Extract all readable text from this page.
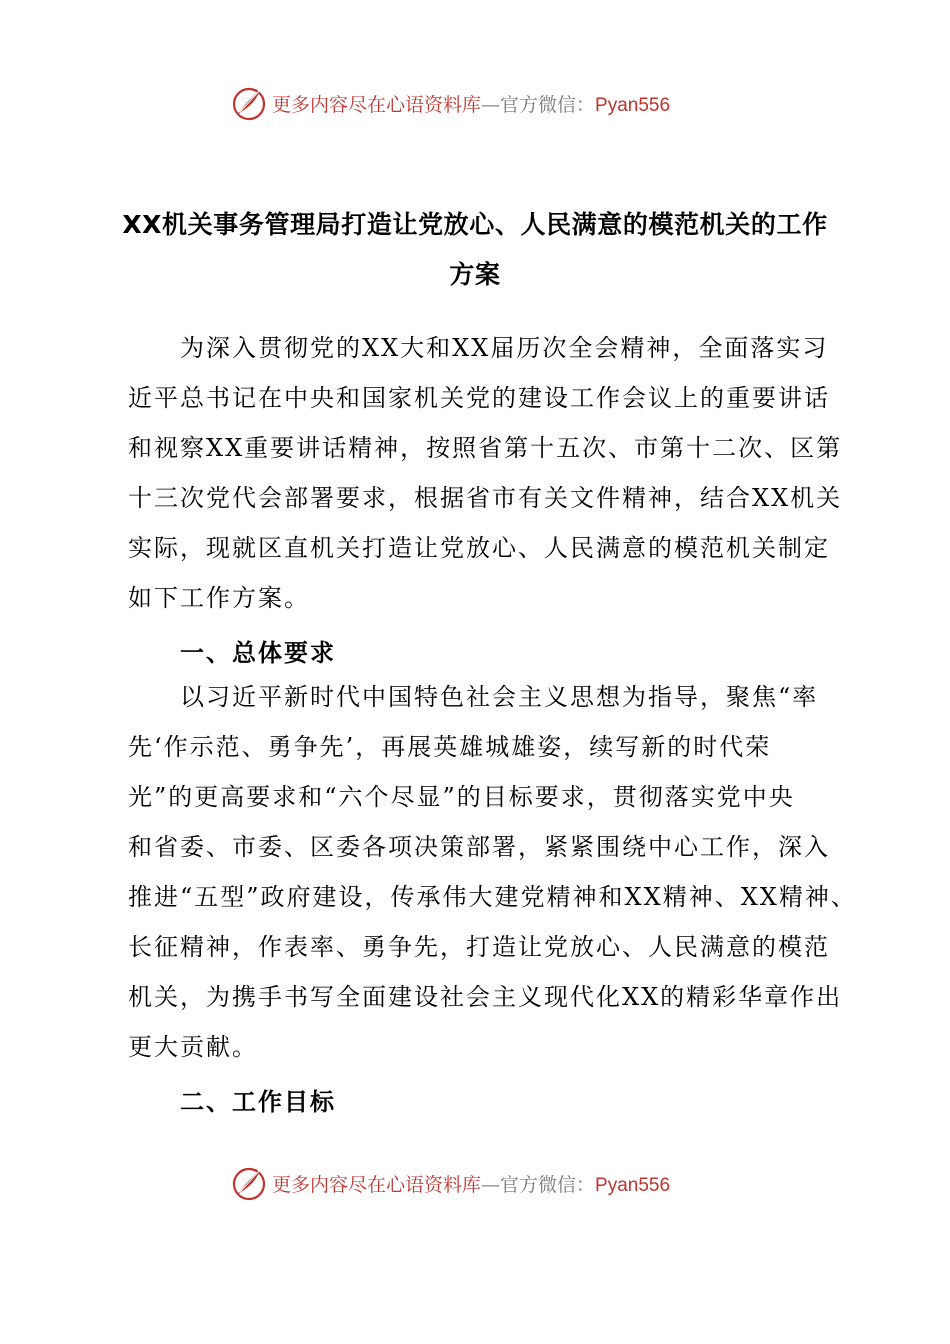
更多内容尽在心语资料库—官方微信：Pyan556
XX机关事务管理局打造让党放心、人民满意的模范机关的工作
方案
为深入贯彻党的XX大和XX届历次全会精神，全面落实习
近平总书记在中央和国家机关党的建设工作会议上的重要讲话
和视察XX重要讲话精神，按照省第十五次、市第十二次、区第
十三次党代会部署要求，根据省市有关文件精神，结合XX机关
实际，现就区直机关打造让党放心、人民满意的模范机关制定
如下工作方案。
一、总体要求
以习近平新时代中国特色社会主义思想为指导，聚焦“率
先‘作示范、勇争先’，再展英雄城雄姿，续写新的时代荣
光”的更高要求和“六个尽显”的目标要求，贯彻落实党中央
和省委、市委、区委各项决策部署，紧紧围绕中心工作，深入
推进“五型”政府建设，传承伟大建党精神和XX精神、XX精神、
长征精神，作表率、勇争先，打造让党放心、人民满意的模范
机关，为携手书写全面建设社会主义现代化XX的精彩华章作出
更大贡献。
二、工作目标
更多内容尽在心语资料库—官方微信：Pyan556
